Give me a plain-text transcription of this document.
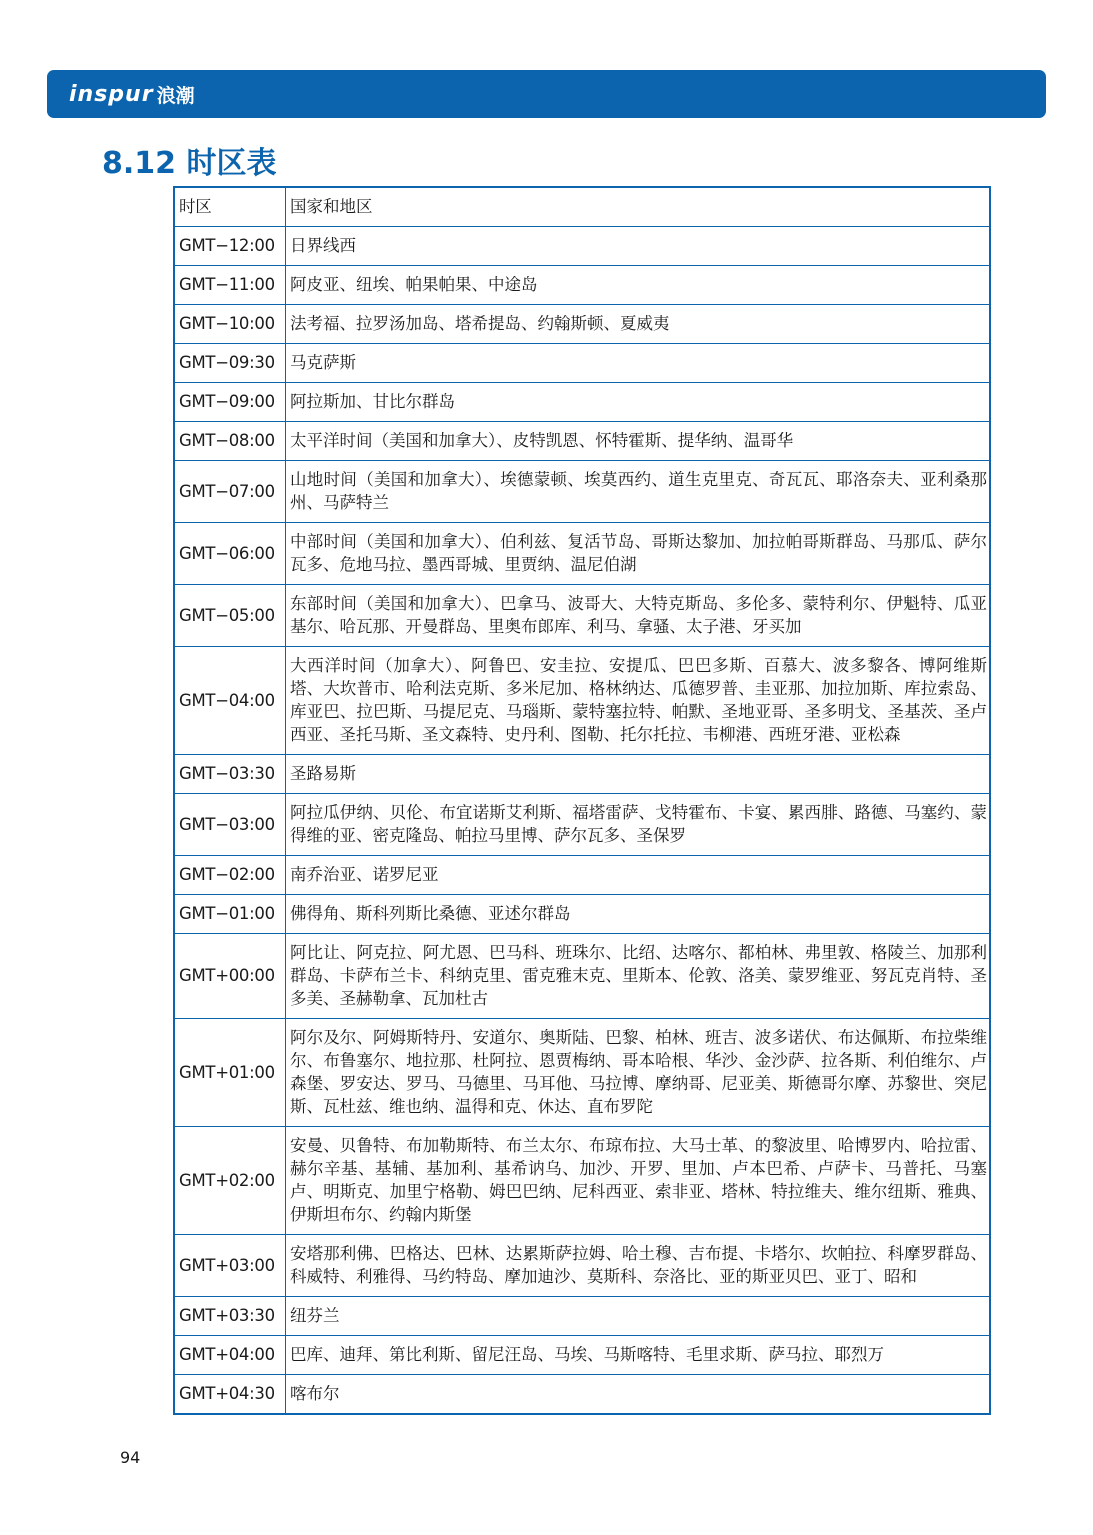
inspur 浪潮
8.12 时区表
时区	国家和地区
GMT−12:00	日界线西
GMT−11:00	阿皮亚、纽埃、帕果帕果、中途岛
GMT−10:00	法考福、拉罗汤加岛、塔希提岛、约翰斯顿、夏威夷
GMT−09:30	马克萨斯
GMT−09:00	阿拉斯加、甘比尔群岛
GMT−08:00	太平洋时间（美国和加拿大）、皮特凯恩、怀特霍斯、提华纳、温哥华
GMT−07:00	山地时间（美国和加拿大）、埃德蒙顿、埃莫西约、道生克里克、奇瓦瓦、耶洛奈夫、亚利桑那州、马萨特兰
GMT−06:00	中部时间（美国和加拿大）、伯利兹、复活节岛、哥斯达黎加、加拉帕哥斯群岛、马那瓜、萨尔瓦多、危地马拉、墨西哥城、里贾纳、温尼伯湖
GMT−05:00	东部时间（美国和加拿大）、巴拿马、波哥大、大特克斯岛、多伦多、蒙特利尔、伊魁特、瓜亚基尔、哈瓦那、开曼群岛、里奥布郎库、利马、拿骚、太子港、牙买加
GMT−04:00	大西洋时间（加拿大）、阿鲁巴、安圭拉、安提瓜、巴巴多斯、百慕大、波多黎各、博阿维斯塔、大坎普市、哈利法克斯、多米尼加、格林纳达、瓜德罗普、圭亚那、加拉加斯、库拉索岛、库亚巴、拉巴斯、马提尼克、马瑙斯、蒙特塞拉特、帕默、圣地亚哥、圣多明戈、圣基茨、圣卢西亚、圣托马斯、圣文森特、史丹利、图勒、托尔托拉、韦柳港、西班牙港、亚松森
GMT−03:30	圣路易斯
GMT−03:00	阿拉瓜伊纳、贝伦、布宜诺斯艾利斯、福塔雷萨、戈特霍布、卡宴、累西腓、路德、马塞约、蒙得维的亚、密克隆岛、帕拉马里博、萨尔瓦多、圣保罗
GMT−02:00	南乔治亚、诺罗尼亚
GMT−01:00	佛得角、斯科列斯比桑德、亚述尔群岛
GMT+00:00	阿比让、阿克拉、阿尤恩、巴马科、班珠尔、比绍、达喀尔、都柏林、弗里敦、格陵兰、加那利群岛、卡萨布兰卡、科纳克里、雷克雅末克、里斯本、伦敦、洛美、蒙罗维亚、努瓦克肖特、圣多美、圣赫勒拿、瓦加杜古
GMT+01:00	阿尔及尔、阿姆斯特丹、安道尔、奥斯陆、巴黎、柏林、班吉、波多诺伏、布达佩斯、布拉柴维尔、布鲁塞尔、地拉那、杜阿拉、恩贾梅纳、哥本哈根、华沙、金沙萨、拉各斯、利伯维尔、卢森堡、罗安达、罗马、马德里、马耳他、马拉博、摩纳哥、尼亚美、斯德哥尔摩、苏黎世、突尼斯、瓦杜兹、维也纳、温得和克、休达、直布罗陀
GMT+02:00	安曼、贝鲁特、布加勒斯特、布兰太尔、布琼布拉、大马士革、的黎波里、哈博罗内、哈拉雷、赫尔辛基、基辅、基加利、基希讷乌、加沙、开罗、里加、卢本巴希、卢萨卡、马普托、马塞卢、明斯克、加里宁格勒、姆巴巴纳、尼科西亚、索非亚、塔林、特拉维夫、维尔纽斯、雅典、伊斯坦布尔、约翰内斯堡
GMT+03:00	安塔那利佛、巴格达、巴林、达累斯萨拉姆、哈土穆、吉布提、卡塔尔、坎帕拉、科摩罗群岛、科威特、利雅得、马约特岛、摩加迪沙、莫斯科、奈洛比、亚的斯亚贝巴、亚丁、昭和
GMT+03:30	纽芬兰
GMT+04:00	巴库、迪拜、第比利斯、留尼汪岛、马埃、马斯喀特、毛里求斯、萨马拉、耶烈万
GMT+04:30	喀布尔
94
